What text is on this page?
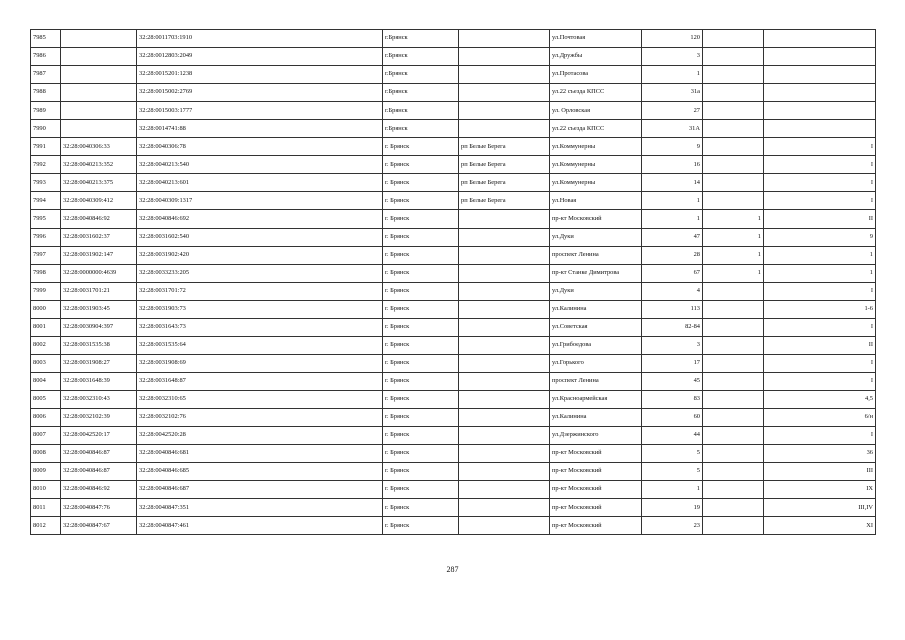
7985		32:28:0011703:1910	г.Брянск		ул.Почтовая	120		
7986		32:28:0012803:2049	г.Брянск		ул.Дружбы	3		
7987		32:28:0015201:1238	г.Брянск		ул.Протасова	1		
7988		32:28:0015002:2769	г.Брянск		ул.22 съезда КПСС	31а		
7989		32:28:0015003:1777	г.Брянск		ул. Орловская	27		
7990		32:28:0014741:88	г.Брянск		ул.22 съезда КПСС	31А		
7991	32:28:0040306:33	32:28:0040306:78	г. Брянск	рп Белые Берега	ул.Коммунерны	9		I
7992	32:28:0040213:352	32:28:0040213:540	г. Брянск	рп Белые Берега	ул.Коммунерны	16		I
7993	32:28:0040213:375	32:28:0040213:601	г. Брянск	рп Белые Берега	ул.Коммунерны	14		I
7994	32:28:0040309:412	32:28:0040309:1317	г. Брянск	рп Белые Берега	ул.Новая	1		I
7995	32:28:0040846:92	32:28:0040846:692	г. Брянск		пр-кт Московский	1	1	II
7996	32:28:0031602:37	32:28:0031602:540	г. Брянск		ул.Дуки	47	1	9
7997	32:28:0031902:147	32:28:0031902:420	г. Брянск		проспект Ленина	28	1	1
7998	32:28:0000000:4639	32:28:0033233:205	г. Брянск		пр-кт Станке Димитрова	67	1	1
7999	32:28:0031701:21	32:28:0031701:72	г. Брянск		ул.Дуки	4		I
8000	32:28:0031903:45	32:28:0031903:73	г. Брянск		ул.Калинина	113		1-6
8001	32:28:0030904:397	32:28:0031643:73	г. Брянск		ул.Советская	82-84		I
8002	32:28:0031535:38	32:28:0031535:64	г. Брянск		ул.Грибоедова	3		II
8003	32:28:0031908:27	32:28:0031908:69	г. Брянск		ул.Горького	17		I
8004	32:28:0031648:39	32:28:0031648:87	г. Брянск		проспект Ленина	45		I
8005	32:28:0032310:43	32:28:0032310:65	г. Брянск		ул.Красноармейская	83		4,5
8006	32:28:0032102:39	32:28:0032102:76	г. Брянск		ул.Калинина	60		6/н
8007	32:28:0042520:17	32:28:0042520:28	г. Брянск		ул.Дзержинского	44		I
8008	32:28:0040846:87	32:28:0040846:681	г. Брянск		пр-кт Московский	5		36
8009	32:28:0040846:87	32:28:0040846:685	г. Брянск		пр-кт Московский	5		III
8010	32:28:0040846:92	32:28:0040846:687	г. Брянск		пр-кт Московский	1		IX
8011	32:28:0040847:76	32:28:0040847:351	г. Брянск		пр-кт Московский	19		III,IV
8012	32:28:0040847:67	32:28:0040847:461	г. Брянск		пр-кт Московский	23		XI
287
